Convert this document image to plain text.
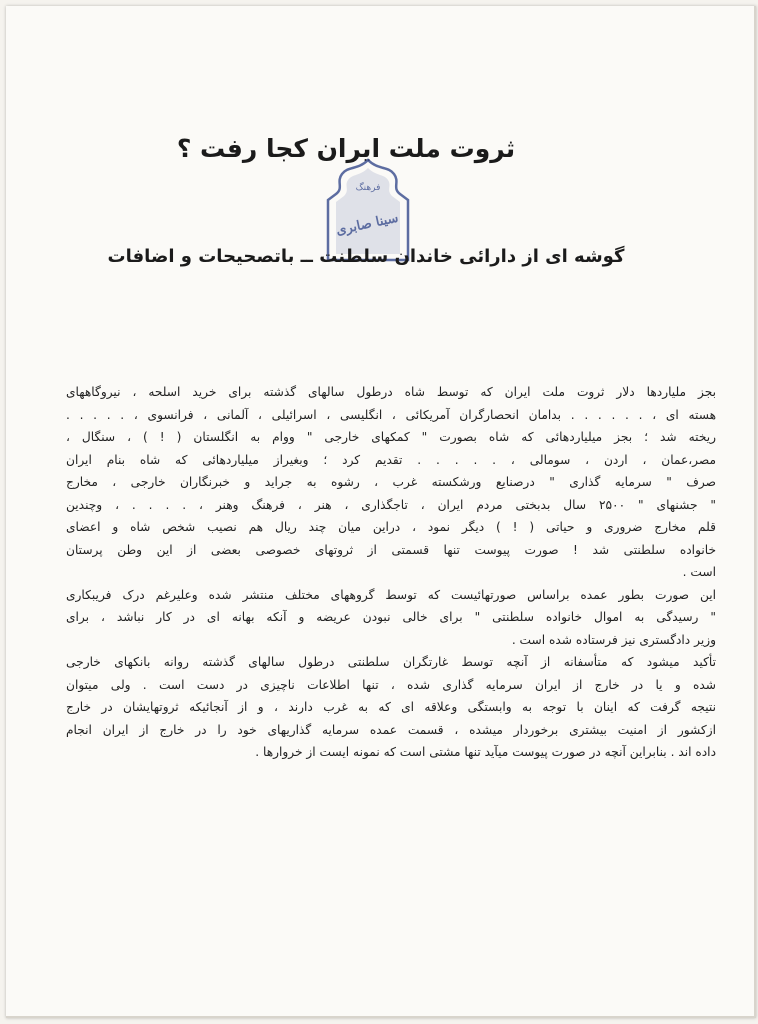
ثروت ملت ایران کجا رفت ؟
فرهنگ
سینا صابری
گوشه ای از دارائی خاندان سلطنت ــ باتصحیحات و اضافات
بجز ملیاردها دلار ثروت ملت ایران که توسط شاه درطول سالهای گذشته برای خرید اسلحه ، نیروگاههای
هسته ای ، . . . . . . بدامان انحصارگران آمریکائی ، انگلیسی ، اسرائیلی ، آلمانی ، فرانسوی ، . . . . .
ریخته شد ؛ بجز میلیاردهائی که شاه بصورت " کمکهای خارجی " ووام به انگلستان ( ! ) ، سنگال ،
مصر،عمان ، اردن ، سومالی ، . . . . . تقدیم کرد ؛ وبغیراز میلیاردهائی که شاه بنام ایران
صرف " سرمایه گذاری " درصنایع ورشکسته غرب ، رشوه به جراید و خبرنگاران خارجی ، مخارج
" جشنهای " ۲۵۰۰ سال بدبختی مردم ایران ، تاجگذاری ، هنر ، فرهنگ وهنر ، . . . . ، وچندین
قلم مخارج ضروری و حیاتی ( ! ) دیگر نمود ، دراین میان چند ریال هم نصیب شخص شاه و اعضای
خانواده سلطنتی شد ! صورت پیوست تنها قسمتی از ثروتهای خصوصی بعضی از این وطن پرستان
است .
این صورت بطور عمده براساس صورتهائیست که توسط گروههای مختلف منتشر شده وعلیرغم درک فریبکاری
" رسیدگی به اموال خانواده سلطنتی " برای خالی نبودن عریضه و آنکه بهانه ای در کار نباشد ، برای
وزیر دادگستری نیز فرستاده شده است .
تأکید میشود که متأسفانه از آنچه توسط غارتگران سلطنتی درطول سالهای گذشته روانه بانکهای خارجی
شده و یا در خارج از ایران سرمایه گذاری شده ، تنها اطلاعات ناچیزی در دست است . ولی میتوان
نتیجه گرفت که اینان با توجه به وابستگی وعلاقه ای که به غرب دارند ، و از آنجائیکه ثروتهایشان در خارج
ازکشور از امنیت بیشتری برخوردار میشده ، قسمت عمده سرمایه گذاریهای خود را در خارج از ایران انجام
داده اند . بنابراین آنچه در صورت پیوست میآید تنها مشتی است که نمونه ایست از خروارها .
